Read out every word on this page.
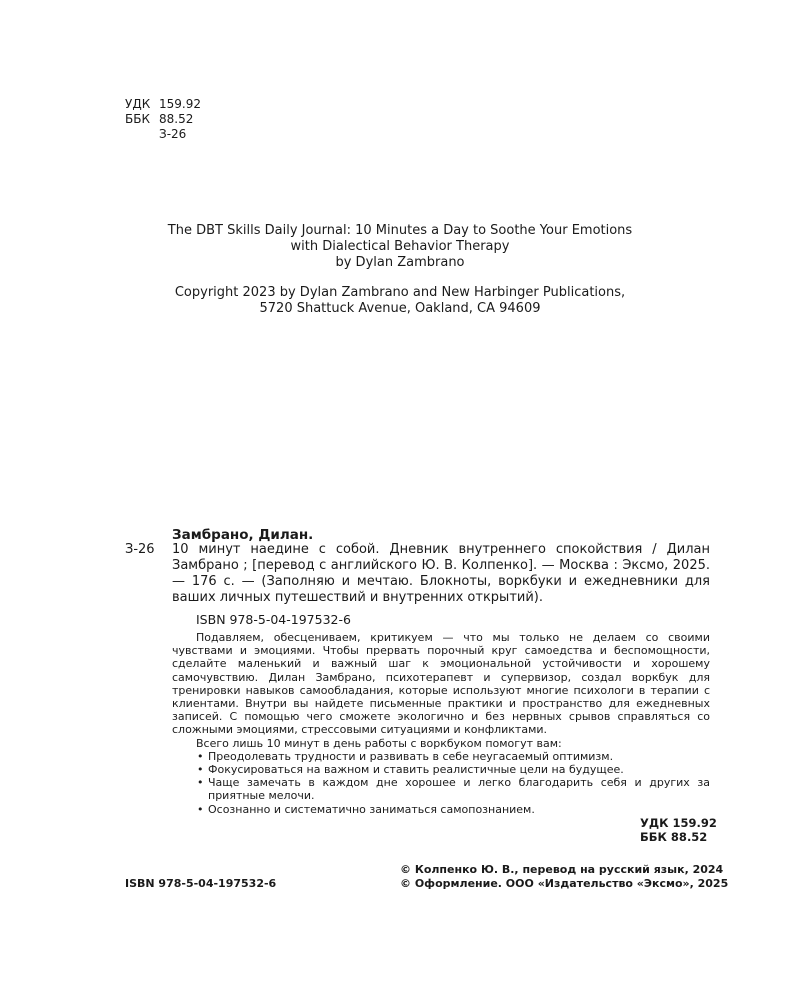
УДК 159.92
ББК 88.52
З-26
The DBT Skills Daily Journal: 10 Minutes a Day to Soothe Your Emotions
with Dialectical Behavior Therapy
by Dylan Zambrano
Copyright 2023 by Dylan Zambrano and New Harbinger Publications,
5720 Shattuck Avenue, Oakland, CA 94609
Замбрано, Дилан.
З-26 10 минут наедине с собой. Дневник внутреннего спокойствия / Дилан Замбрано ; [перевод с английского Ю. В. Колпенко]. — Москва : Эксмо, 2025. — 176 с. — (Заполняю и мечтаю. Блокноты, воркбуки и ежедневники для ваших личных путешествий и внутренних открытий).
ISBN 978-5-04-197532-6

Подавляем, обесцениваем, критикуем — что мы только не делаем со своими чувствами и эмоциями. Чтобы прервать порочный круг самоедства и беспомощности, сделайте маленький и важный шаг к эмоциональной устойчивости и хорошему самочувствию. Дилан Замбрано, психотерапевт и супервизор, создал воркбук для тренировки навыков самообладания, которые используют многие психологи в терапии с клиентами. Внутри вы найдете письменные практики и пространство для ежедневных записей. С помощью чего сможете экологично и без нервных срывов справляться со сложными эмоциями, стрессовыми ситуациями и конфликтами.

Всего лишь 10 минут в день работы с воркбуком помогут вам:
• Преодолевать трудности и развивать в себе неугасаемый оптимизм.
• Фокусироваться на важном и ставить реалистичные цели на будущее.
• Чаще замечать в каждом дне хорошее и легко благодарить себя и других за приятные мелочи.
• Осознанно и систематично заниматься самопознанием.
УДК 159.92
ББК 88.52
ISBN 978-5-04-197532-6
© Колпенко Ю. В., перевод на русский язык, 2024
© Оформление. ООО «Издательство «Эксмо», 2025
